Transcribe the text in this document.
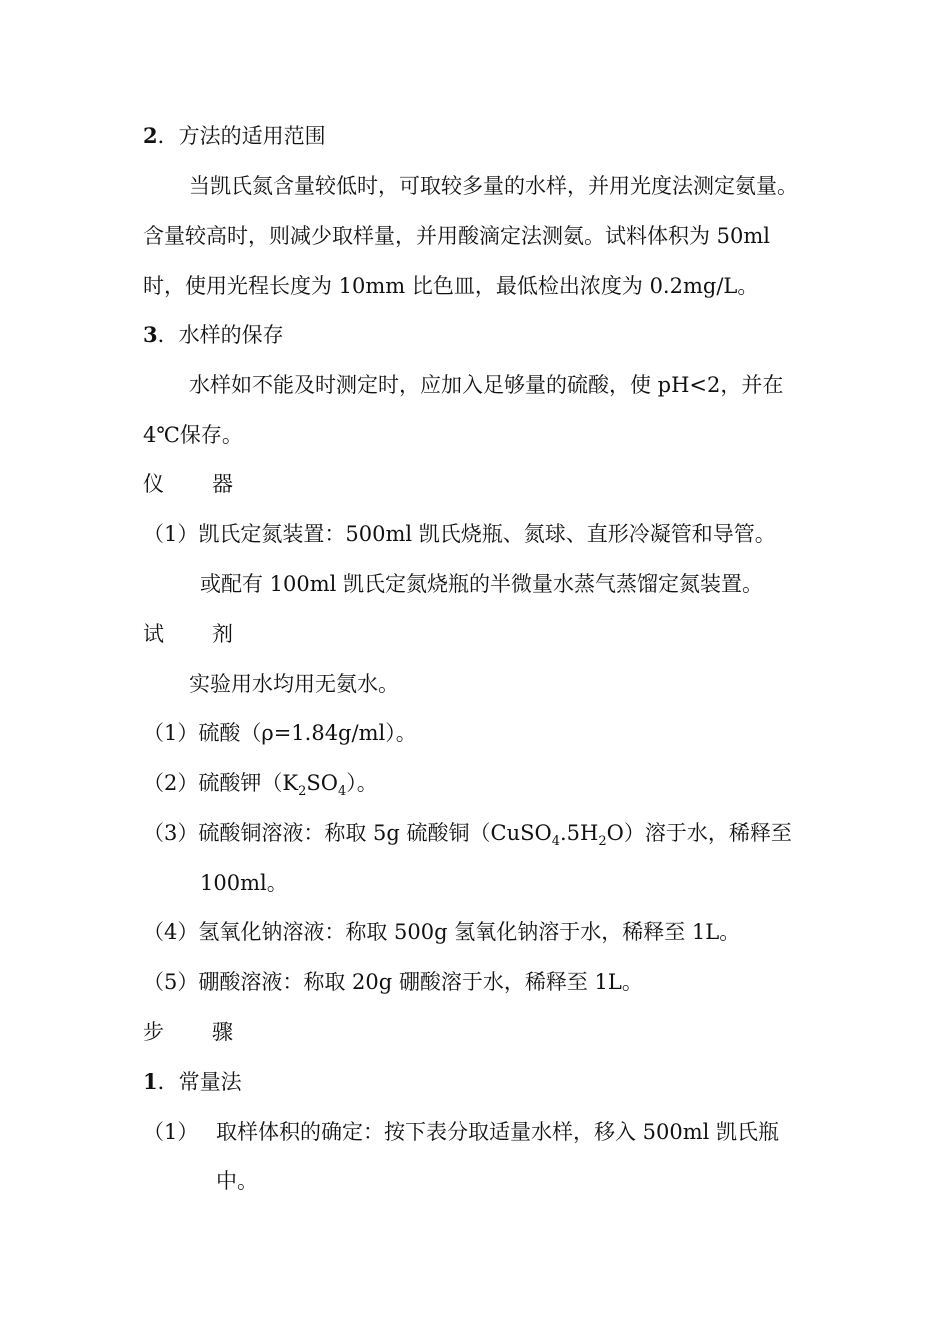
2．方法的适用范围
当凯氏氮含量较低时，可取较多量的水样，并用光度法测定氨量。
含量较高时，则减少取样量，并用酸滴定法测氨。试料体积为 50ml
时，使用光程长度为 10mm 比色皿，最低检出浓度为 0.2mg/L。
3．水样的保存
水样如不能及时测定时，应加入足够量的硫酸，使 pH<2，并在
4℃保存。
仪 器
（1）凯氏定氮装置：500ml 凯氏烧瓶、氮球、直形冷凝管和导管。
或配有 100ml 凯氏定氮烧瓶的半微量水蒸气蒸馏定氮装置。
试 剂
实验用水均用无氨水。
（1）硫酸（ρ=1.84g/ml）。
（2）硫酸钾$(K_2SO_4)$。
（3）硫酸铜溶液：称取 5g 硫酸铜$(CuSO_4.5H_2O)$溶于水，稀释至
100ml。
（4）氢氧化钠溶液：称取 500g 氢氧化钠溶于水，稀释至 1L。
（5）硼酸溶液：称取 20g 硼酸溶于水，稀释至 1L。
步 骤
1．常量法
（1） 取样体积的确定：按下表分取适量水样，移入 500ml 凯氏瓶
中。
